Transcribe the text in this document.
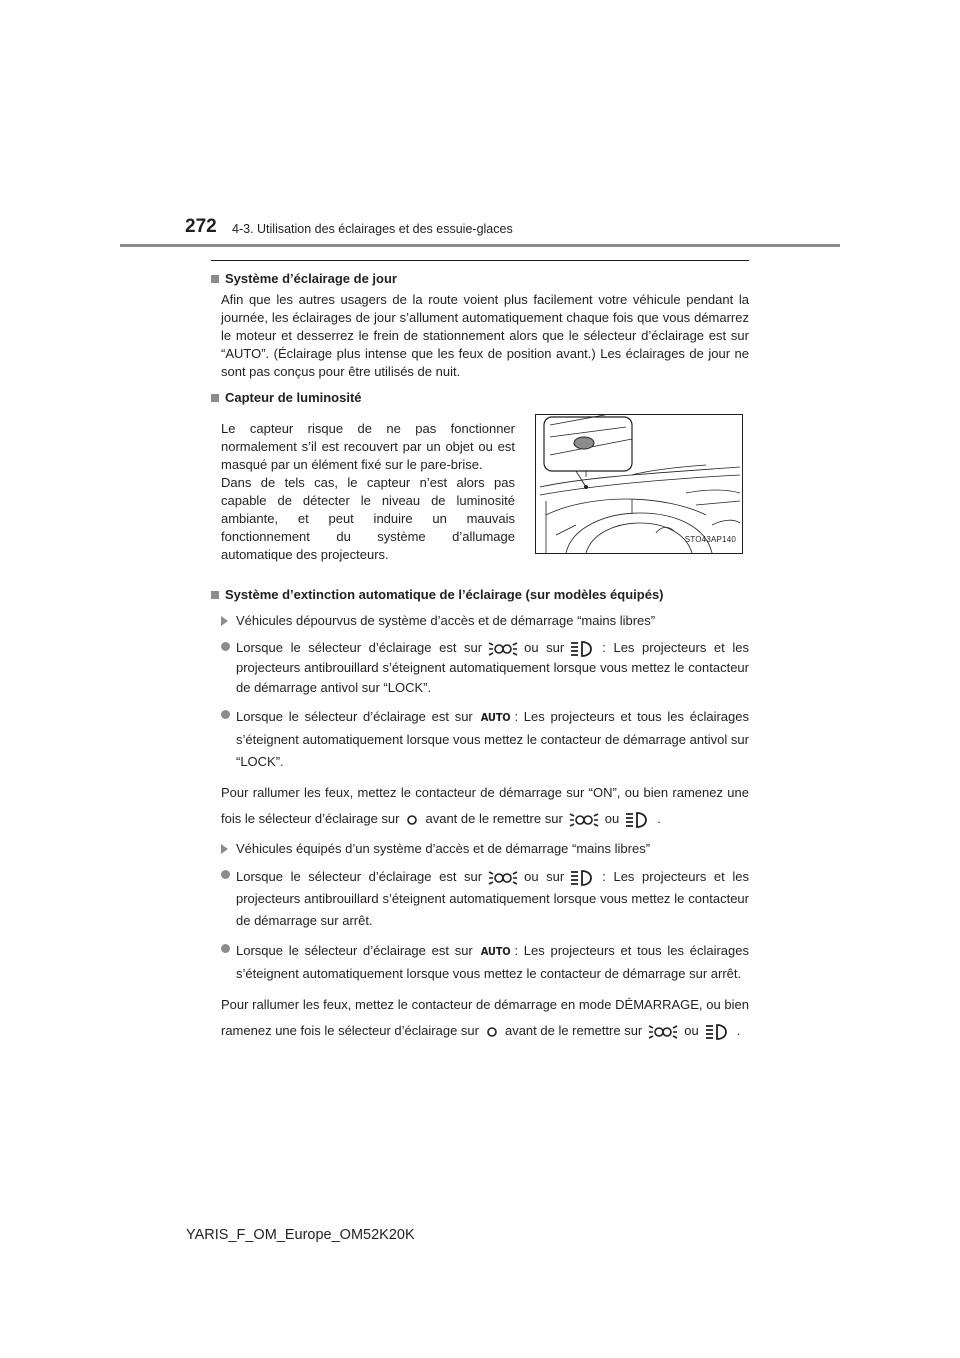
272 4-3. Utilisation des éclairages et des essuie-glaces
Système d’éclairage de jour
Afin que les autres usagers de la route voient plus facilement votre véhicule pendant la journée, les éclairages de jour s’allument automatiquement chaque fois que vous démarrez le moteur et desserrez le frein de stationnement alors que le sélecteur d’éclairage est sur “AUTO”. (Éclairage plus intense que les feux de position avant.) Les éclairages de jour ne sont pas conçus pour être utilisés de nuit.
Capteur de luminosité
Le capteur risque de ne pas fonctionner normalement s’il est recouvert par un objet ou est masqué par un élément fixé sur le pare-brise.
Dans de tels cas, le capteur n’est alors pas capable de détecter le niveau de luminosité ambiante, et peut induire un mauvais fonctionnement du système d’allumage automatique des projecteurs.
STO43AP140
Système d’extinction automatique de l’éclairage (sur modèles équipés)
Véhicules dépourvus de système d’accès et de démarrage “mains libres”
Lorsque le sélecteur d’éclairage est sur	ou sur	: Les projecteurs et les projecteurs antibrouillard s’éteignent automatiquement lorsque vous mettez le contacteur de démarrage antivol sur “LOCK”.
Lorsque le sélecteur d’éclairage est sur AUTO : Les projecteurs et tous les éclairages s’éteignent automatiquement lorsque vous mettez le contacteur de démarrage antivol sur “LOCK”.
Pour rallumer les feux, mettez le contacteur de démarrage sur “ON”, ou bien ramenez une fois le sélecteur d’éclairage sur avant de le remettre sur	ou	.
Véhicules équipés d’un système d’accès et de démarrage “mains libres”
Lorsque le sélecteur d’éclairage est sur	ou sur	: Les projecteurs et les projecteurs antibrouillard s’éteignent automatiquement lorsque vous mettez le contacteur de démarrage sur arrêt.
Lorsque le sélecteur d’éclairage est sur AUTO : Les projecteurs et tous les éclairages s’éteignent automatiquement lorsque vous mettez le contacteur de démarrage sur arrêt.
Pour rallumer les feux, mettez le contacteur de démarrage en mode DÉMARRAGE, ou bien ramenez une fois le sélecteur d’éclairage sur avant de le remettre sur	ou	.
YARIS_F_OM_Europe_OM52K20K
